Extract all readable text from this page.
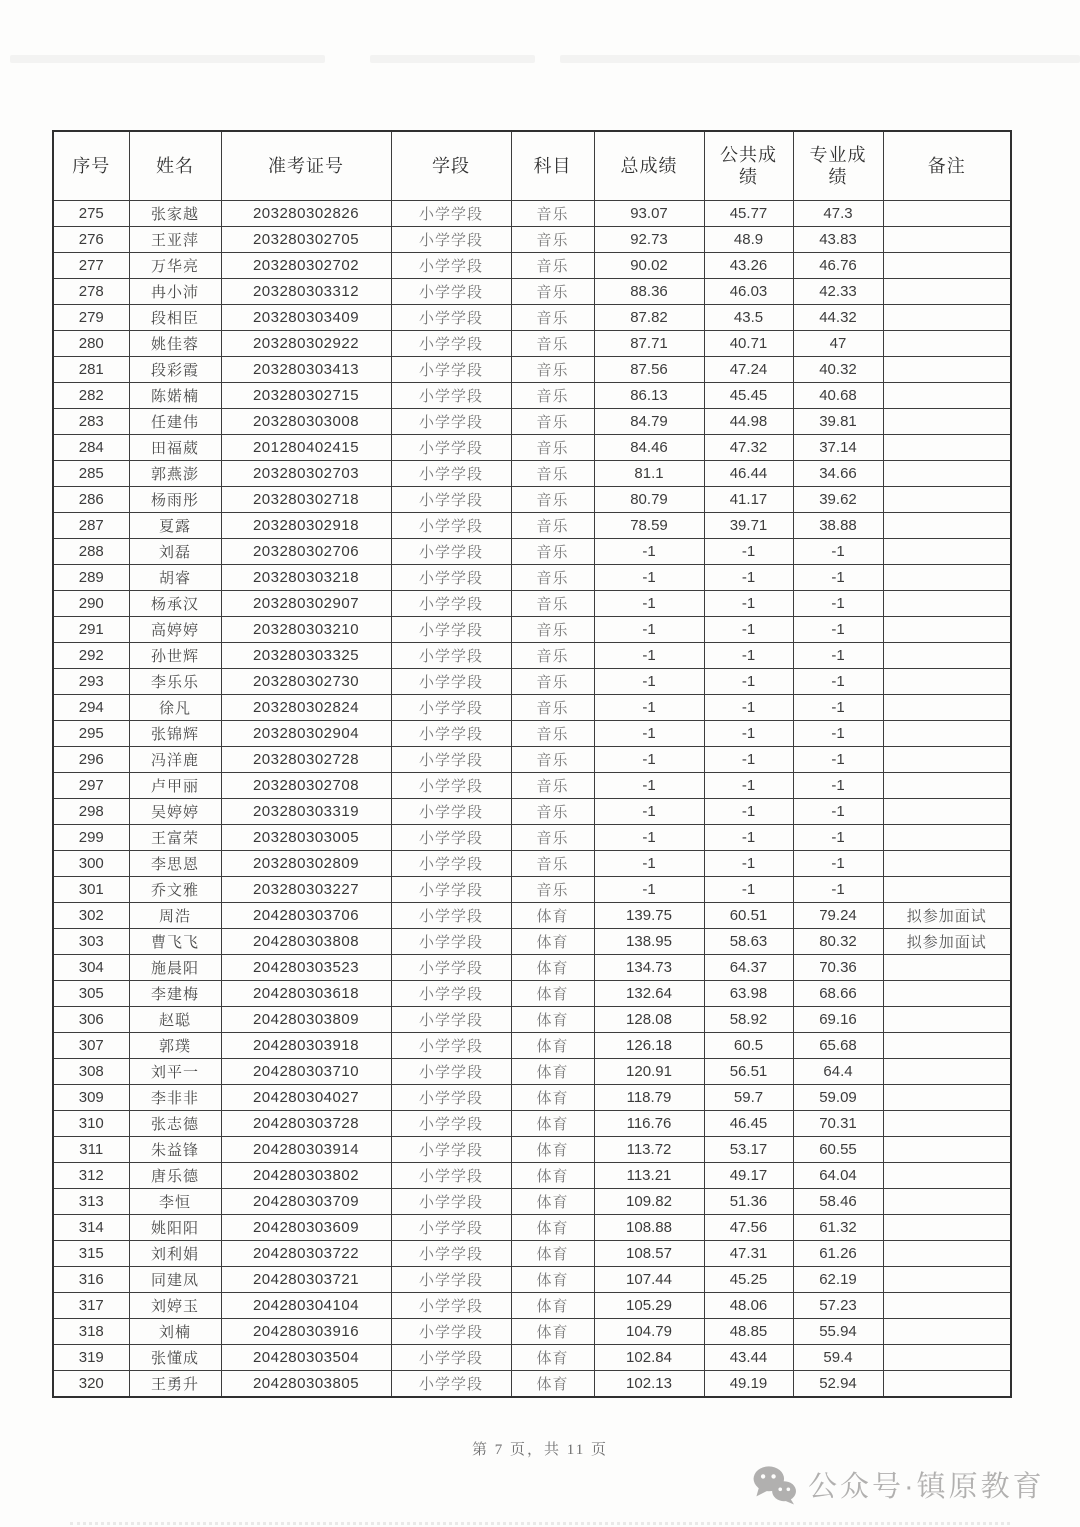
序号	姓名	准考证号	学段	科目	总成绩	公共成绩	专业成绩	备注
275	张家越	203280302826	小学学段	音乐	93.07	45.77	47.3	
276	王亚萍	203280302705	小学学段	音乐	92.73	48.9	43.83	
277	万华亮	203280302702	小学学段	音乐	90.02	43.26	46.76	
278	冉小沛	203280303312	小学学段	音乐	88.36	46.03	42.33	
279	段相臣	203280303409	小学学段	音乐	87.82	43.5	44.32	
280	姚佳蓉	203280302922	小学学段	音乐	87.71	40.71	47	
281	段彩霞	203280303413	小学学段	音乐	87.56	47.24	40.32	
282	陈婼楠	203280302715	小学学段	音乐	86.13	45.45	40.68	
283	任建伟	203280303008	小学学段	音乐	84.79	44.98	39.81	
284	田福葳	201280402415	小学学段	音乐	84.46	47.32	37.14	
285	郭燕澎	203280302703	小学学段	音乐	81.1	46.44	34.66	
286	杨雨彤	203280302718	小学学段	音乐	80.79	41.17	39.62	
287	夏露	203280302918	小学学段	音乐	78.59	39.71	38.88	
288	刘磊	203280302706	小学学段	音乐	-1	-1	-1	
289	胡睿	203280303218	小学学段	音乐	-1	-1	-1	
290	杨承汉	203280302907	小学学段	音乐	-1	-1	-1	
291	高婷婷	203280303210	小学学段	音乐	-1	-1	-1	
292	孙世辉	203280303325	小学学段	音乐	-1	-1	-1	
293	李乐乐	203280302730	小学学段	音乐	-1	-1	-1	
294	徐凡	203280302824	小学学段	音乐	-1	-1	-1	
295	张锦辉	203280302904	小学学段	音乐	-1	-1	-1	
296	冯洋鹿	203280302728	小学学段	音乐	-1	-1	-1	
297	卢甲丽	203280302708	小学学段	音乐	-1	-1	-1	
298	吴婷婷	203280303319	小学学段	音乐	-1	-1	-1	
299	王富荣	203280303005	小学学段	音乐	-1	-1	-1	
300	李思恩	203280302809	小学学段	音乐	-1	-1	-1	
301	乔文雅	203280303227	小学学段	音乐	-1	-1	-1	
302	周浩	204280303706	小学学段	体育	139.75	60.51	79.24	拟参加面试
303	曹飞飞	204280303808	小学学段	体育	138.95	58.63	80.32	拟参加面试
304	施晨阳	204280303523	小学学段	体育	134.73	64.37	70.36	
305	李建梅	204280303618	小学学段	体育	132.64	63.98	68.66	
306	赵聪	204280303809	小学学段	体育	128.08	58.92	69.16	
307	郭璞	204280303918	小学学段	体育	126.18	60.5	65.68	
308	刘平一	204280303710	小学学段	体育	120.91	56.51	64.4	
309	李非非	204280304027	小学学段	体育	118.79	59.7	59.09	
310	张志德	204280303728	小学学段	体育	116.76	46.45	70.31	
311	朱益锋	204280303914	小学学段	体育	113.72	53.17	60.55	
312	唐乐德	204280303802	小学学段	体育	113.21	49.17	64.04	
313	李恒	204280303709	小学学段	体育	109.82	51.36	58.46	
314	姚阳阳	204280303609	小学学段	体育	108.88	47.56	61.32	
315	刘利娟	204280303722	小学学段	体育	108.57	47.31	61.26	
316	同建凤	204280303721	小学学段	体育	107.44	45.25	62.19	
317	刘婷玉	204280304104	小学学段	体育	105.29	48.06	57.23	
318	刘楠	204280303916	小学学段	体育	104.79	48.85	55.94	
319	张懂成	204280303504	小学学段	体育	102.84	43.44	59.4	
320	王勇升	204280303805	小学学段	体育	102.13	49.19	52.94	
第 7 页，共 11 页
公众号·镇原教育
